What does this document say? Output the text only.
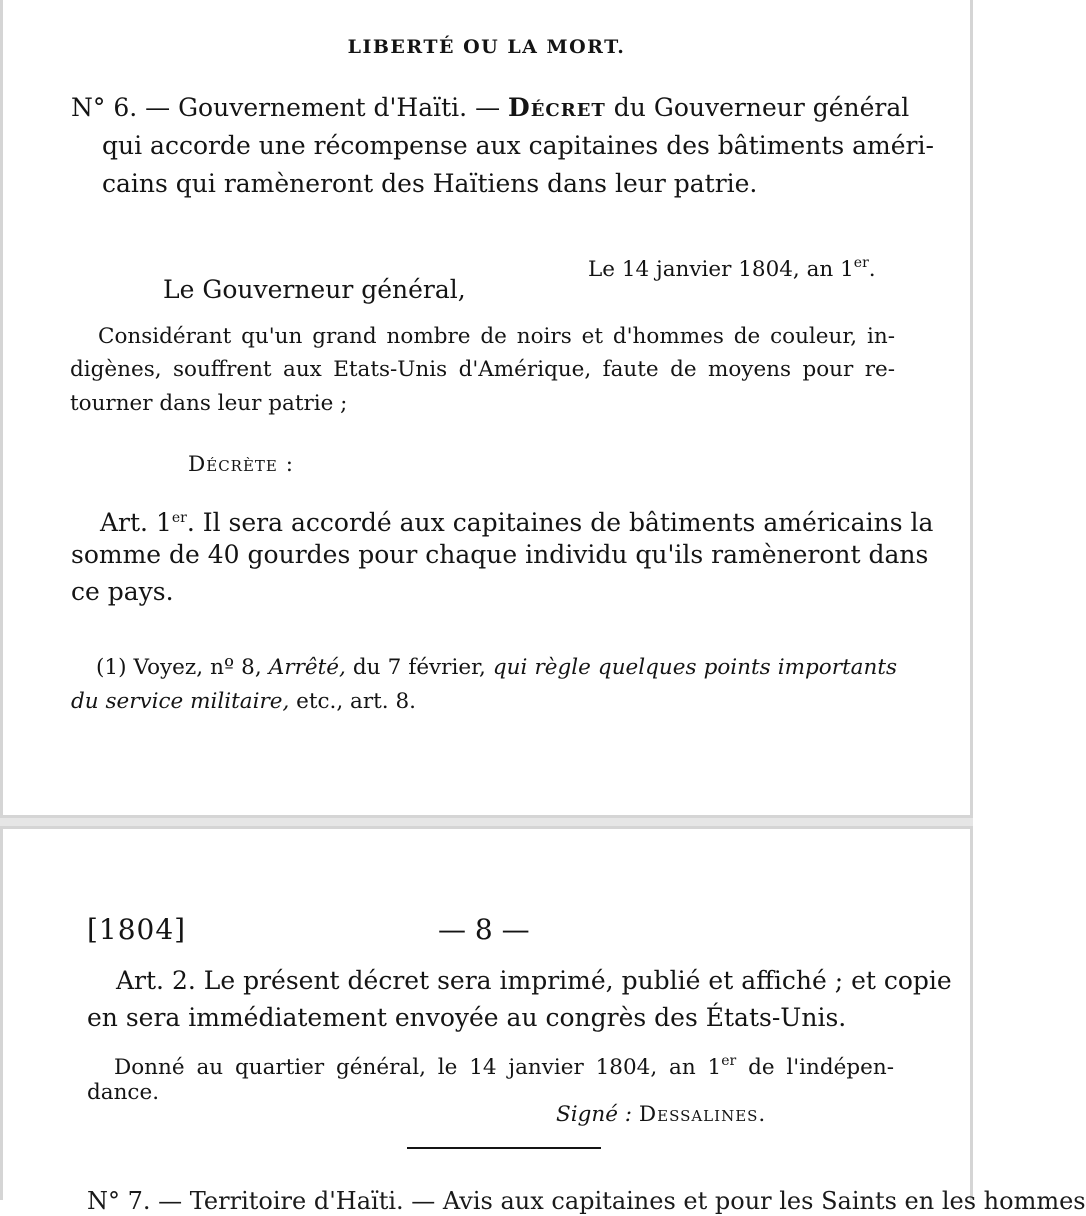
LIBERTÉ OU LA MORT.
N° 6. — Gouvernement d'Haïti. — Décret du Gouverneur général
qui accorde une récompense aux capitaines des bâtiments améri-
cains qui ramèneront des Haïtiens dans leur patrie.
Le 14 janvier 1804, an 1er.
Le Gouverneur général,
Considérant qu'un grand nombre de noirs et d'hommes de couleur, in-
digènes, souffrent aux Etats-Unis d'Amérique, faute de moyens pour re-
tourner dans leur patrie ;
Décrète :
Art. 1er. Il sera accordé aux capitaines de bâtiments américains la
somme de 40 gourdes pour chaque individu qu'ils ramèneront dans
ce pays.
(1) Voyez, nº 8, Arrêté, du 7 février, qui règle quelques points importants
du service militaire, etc., art. 8.
[1804]	— 8 —
Art. 2. Le présent décret sera imprimé, publié et affiché ; et copie
en sera immédiatement envoyée au congrès des États-Unis.
Donné au quartier général, le 14 janvier 1804, an 1er de l'indépen-
dance.
Signé : Dessalines.
N° 7. — Territoire d'Haïti. — Avis aux capitaines et pour les Saints en les hommes
